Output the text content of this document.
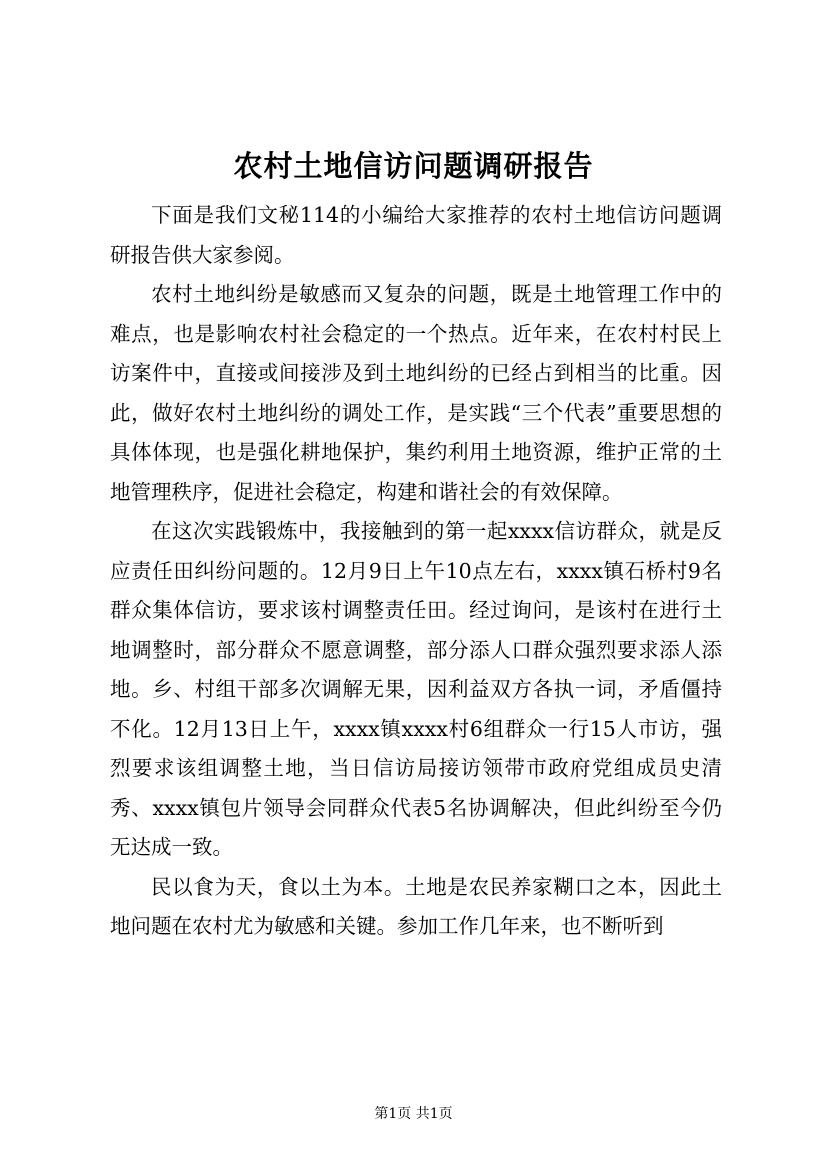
农村土地信访问题调研报告

下面是我们文秘114的小编给大家推荐的农村土地信访问题调研报告供大家参阅。

农村土地纠纷是敏感而又复杂的问题，既是土地管理工作中的难点，也是影响农村社会稳定的一个热点。近年来，在农村村民上访案件中，直接或间接涉及到土地纠纷的已经占到相当的比重。因此，做好农村土地纠纷的调处工作，是实践“三个代表”重要思想的具体体现，也是强化耕地保护，集约利用土地资源，维护正常的土地管理秩序，促进社会稳定，构建和谐社会的有效保障。

在这次实践锻炼中，我接触到的第一起xxxx信访群众，就是反应责任田纠纷问题的。12月9日上午10点左右，xxxx镇石桥村9名群众集体信访，要求该村调整责任田。经过询问，是该村在进行土地调整时，部分群众不愿意调整，部分添人口群众强烈要求添人添地。乡、村组干部多次调解无果，因利益双方各执一词，矛盾僵持不化。12月13日上午，xxxx镇xxxx村6组群众一行15人市访，强烈要求该组调整土地，当日信访局接访领带市政府党组成员史清秀、xxxx镇包片领导会同群众代表5名协调解决，但此纠纷至今仍无达成一致。

民以食为天，食以土为本。土地是农民养家糊口之本，因此土地问题在农村尤为敏感和关键。参加工作几年来，也不断听到

第1页 共1页
